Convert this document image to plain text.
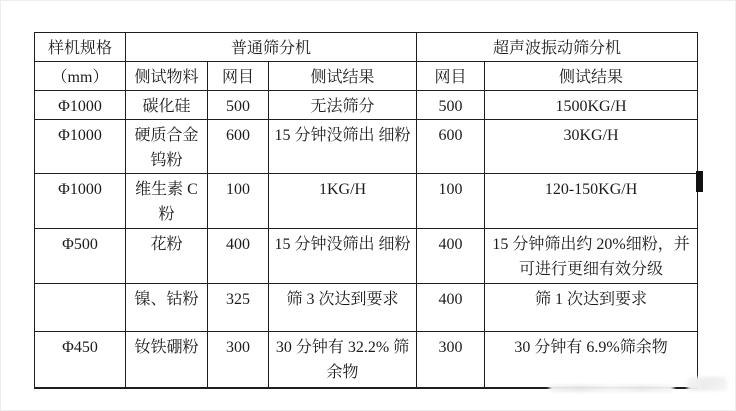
样机规格	普通筛分机			超声波振动筛分机	
（mm）	侧试物料	网目	侧试结果	网目	侧试结果
Φ1000	碳化硅	500	无法筛分	500	1500KG/H
Φ1000	硬质合金 钨粉	600	15 分钟没筛出 细粉	600	30KG/H
Φ1000	维生素 C 粉	100	1KG/H	100	120-150KG/H
Φ500	花粉	400	15 分钟没筛出 细粉	400	15 分钟筛出约 20%细粉，并可进行更细有效分级
	镍、钴粉	325	筛 3 次达到要求	400	筛 1 次达到要求
Φ450	钕铁硼粉	300	30 分钟有 32.2% 筛余物	300	30 分钟有 6.9%筛余物
